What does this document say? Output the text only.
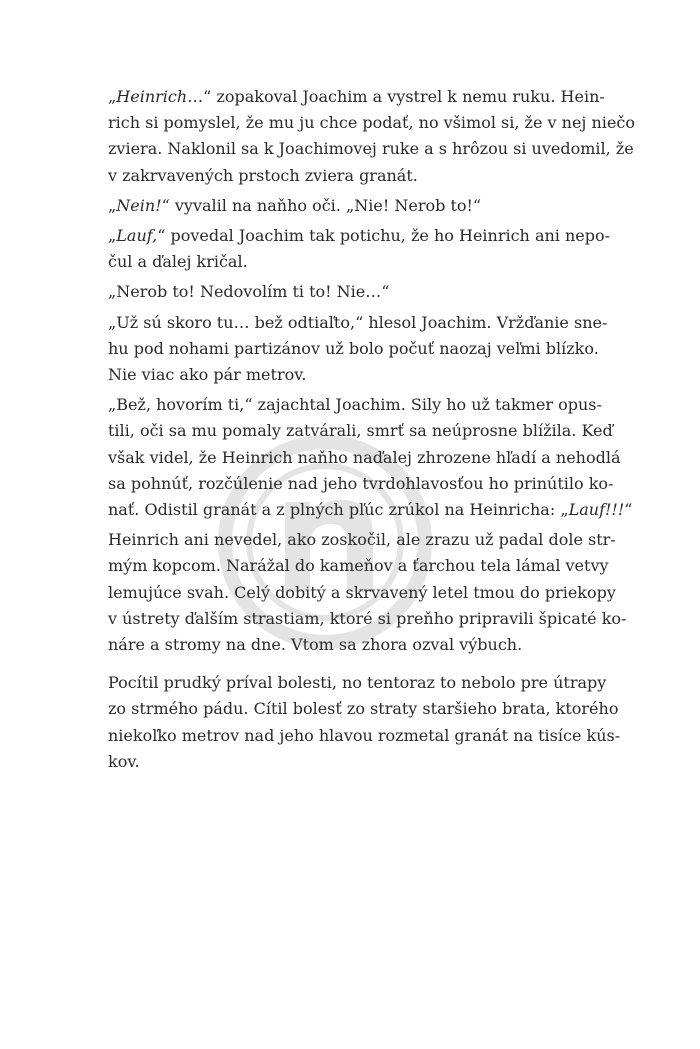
„Heinrich…“ zopakoval Joachim a vystrel k nemu ruku. Hein-
rich si pomyslel, že mu ju chce podať, no všimol si, že v nej niečo
zviera. Naklonil sa k Joachimovej ruke a s hrôzou si uvedomil, že
v zakrvavených prstoch zviera granát.
„Nein!“ vyvalil na naňho oči. „Nie! Nerob to!“
„Lauf,“ povedal Joachim tak potichu, že ho Heinrich ani nepo-
čul a ďalej kričal.
„Nerob to! Nedovolím ti to! Nie…“
„Už sú skoro tu… bež odtiaľto,“ hlesol Joachim. Vržďanie sne-
hu pod nohami partizánov už bolo počuť naozaj veľmi blízko.
Nie viac ako pár metrov.
„Bež, hovorím ti,“ zajachtal Joachim. Sily ho už takmer opus-
tili, oči sa mu pomaly zatvárali, smrť sa neúprosne blížila. Keď
však videl, že Heinrich naňho naďalej zhrozene hľadí a nehodlá
sa pohnúť, rozčúlenie nad jeho tvrdohlavosťou ho prinútilo ko-
nať. Odistil granát a z plných pľúc zrúkol na Heinricha: „Lauf!!!“
Heinrich ani nevedel, ako zoskočil, ale zrazu už padal dole str-
mým kopcom. Narážal do kameňov a ťarchou tela lámal vetvy
lemujúce svah. Celý dobitý a skrvavený letel tmou do priekopy
v ústrety ďalším strastiam, ktoré si preňho pripravili špicaté ko-
náre a stromy na dne. Vtom sa zhora ozval výbuch.
Pocítil prudký príval bolesti, no tentoraz to nebolo pre útrapy
zo strmého pádu. Cítil bolesť zo straty staršieho brata, ktorého
niekoľko metrov nad jeho hlavou rozmetal granát na tisíce kús-
kov.
